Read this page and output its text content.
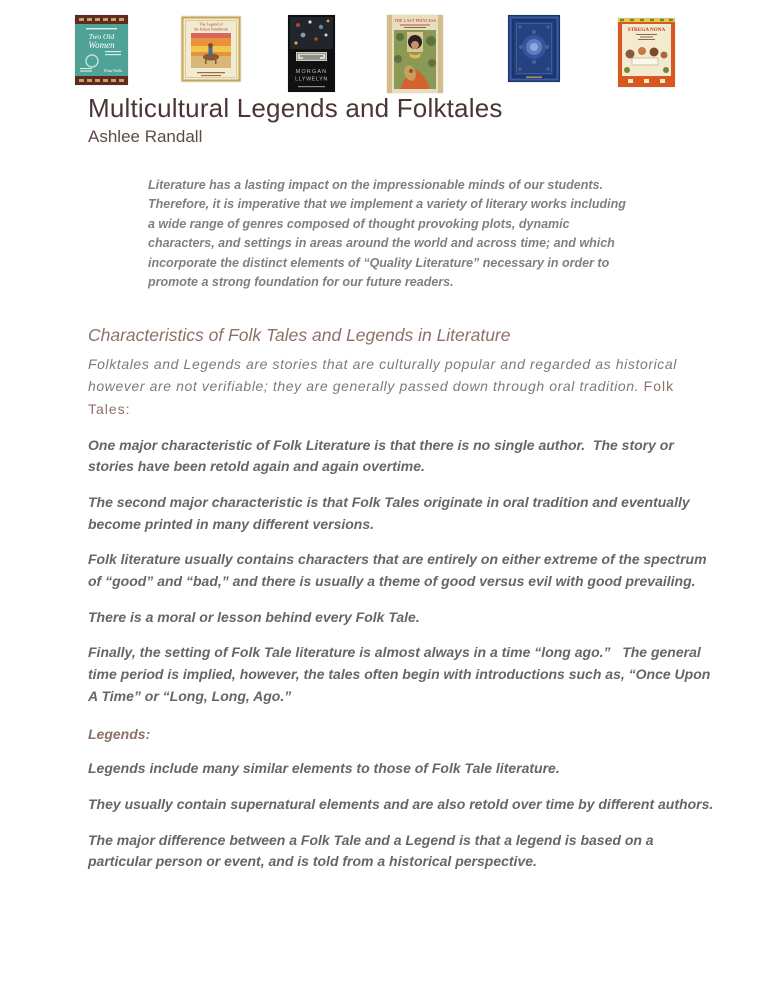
Two Old
Women
Velma Wallis
The Legend of
the Indian Paintbrush
MORGAN
LLYWELYN
THE LAST PRINCESS
STREGA NONA
Multicultural Legends and Folktales
Ashlee Randall

Literature has a lasting impact on the impressionable minds of our students. Therefore, it is imperative that we implement a variety of literary works including a wide range of genres composed of thought provoking plots, dynamic characters, and settings in areas around the world and across time; and which incorporate the distinct elements of “Quality Literature” necessary in order to promote a strong foundation for our future readers.

Characteristics of Folk Tales and Legends in Literature

Folktales and Legends are stories that are culturally popular and regarded as historical however are not verifiable; they are generally passed down through oral tradition. Folk Tales:

One major characteristic of Folk Literature is that there is no single author.  The story or stories have been retold again and again overtime.

The second major characteristic is that Folk Tales originate in oral tradition and eventually become printed in many different versions.

Folk literature usually contains characters that are entirely on either extreme of the spectrum of “good” and “bad,” and there is usually a theme of good versus evil with good prevailing.

There is a moral or lesson behind every Folk Tale.

Finally, the setting of Folk Tale literature is almost always in a time “long ago.”   The general time period is implied, however, the tales often begin with introductions such as, “Once Upon A Time” or “Long, Long, Ago.”

Legends:

Legends include many similar elements to those of Folk Tale literature.

They usually contain supernatural elements and are also retold over time by different authors.

The major difference between a Folk Tale and a Legend is that a legend is based on a particular person or event, and is told from a historical perspective.
